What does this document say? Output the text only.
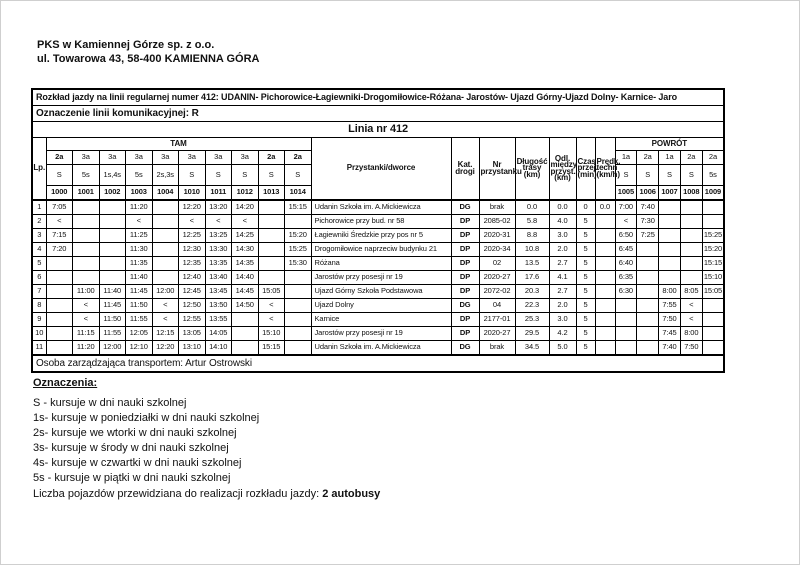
PKS w Kamiennej Górze sp. z o.o.
ul. Towarowa 43, 58-400 KAMIENNA GÓRA
Rozkład jazdy na linii regularnej numer 412: UDANIN- Pichorowice-Łagiewniki-Drogomiłowice-Różana- Jarostów- Ujazd Górny-Ujazd Dolny- Karnice- Jaro																						
Oznaczenie linii komunikacyjnej: R																						
Linia nr 412																						
Lp.	TAM										Przystanki/dworce	Kat. drogi	Nr przystanku	Długość trasy (km)	Odl. między przyst. (km)	Czas przej. (min)	Prędk. techn (km/h)	POWRÓT				
	2a	3a	3a	3a	3a	3a	3a	3a	2a	2a								1a	2a	1a	2a	2a
	S	5s	1s,4s	5s	2s,3s	S	S	S	S	S								S	S	S	S	5s
	1000	1001	1002	1003	1004	1010	1011	1012	1013	1014								1005	1006	1007	1008	1009
1	7:05			11:20		12:20	13:20	14:20		15:15	Udanin Szkoła im. A.Mickiewicza	DG	brak	0.0	0.0	0	0.0	7:00	7:40			
2	<			<		<	<	<			Pichorowice przy bud. nr 58	DP	2085-02	5.8	4.0	5		<	7:30			
3	7:15			11:25		12:25	13:25	14:25		15:20	Łagiewniki Średzkie przy pos nr 5	DP	2020-31	8.8	3.0	5		6:50	7:25			15:25
4	7:20			11:30		12:30	13:30	14:30		15:25	Drogomiłowice naprzeciw budynku 21	DP	2020-34	10.8	2.0	5		6:45				15:20
5				11:35		12:35	13:35	14:35		15:30	Różana	DP	02	13.5	2.7	5		6:40				15:15
6				11:40		12:40	13:40	14:40			Jarostów przy posesji nr 19	DP	2020-27	17.6	4.1	5		6:35				15:10
7		11:00	11:40	11:45	12:00	12:45	13:45	14:45	15:05		Ujazd Górny Szkoła Podstawowa	DP	2072-02	20.3	2.7	5		6:30		8:00	8:05	15:05
8		<	11:45	11:50	<	12:50	13:50	14:50	<		Ujazd Dolny	DG	04	22.3	2.0	5				7:55	<	
9		<	11:50	11:55	<	12:55	13:55		<		Karnice	DP	2177-01	25.3	3.0	5				7:50	<	
10		11:15	11:55	12:05	12:15	13:05	14:05		15:10		Jarostów przy posesji nr 19	DP	2020-27	29.5	4.2	5				7:45	8:00	
11		11:20	12:00	12:10	12:20	13:10	14:10		15:15		Udanin Szkoła im. A.Mickiewicza	DG	brak	34.5	5.0	5				7:40	7:50	
Osoba zarządzająca transportem: Artur Ostrowski																						
Oznaczenia:
S - kursuje w dni nauki szkolnej
1s- kursuje w poniedziałki w dni nauki szkolnej
2s- kursuje we wtorki w dni nauki szkolnej
3s- kursuje w środy w dni nauki szkolnej
4s- kursuje w czwartki w dni nauki szkolnej
5s - kursuje w piątki w dni nauki szkolnej
Liczba pojazdów przewidziana do realizacji rozkładu jazdy: 2 autobusy
